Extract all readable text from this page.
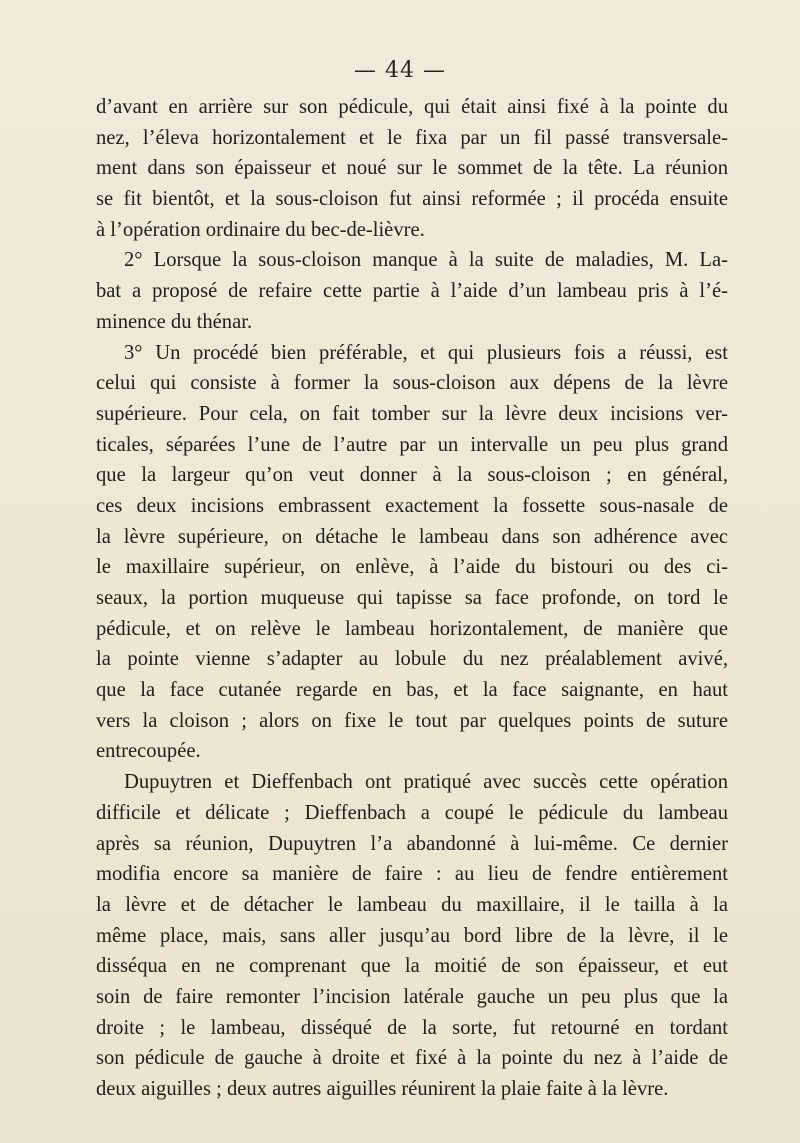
— 44 —
d’avant en arrière sur son pédicule, qui était ainsi fixé à la pointe du
nez, l’éleva horizontalement et le fixa par un fil passé transversale-
ment dans son épaisseur et noué sur le sommet de la tête. La réunion
se fit bientôt, et la sous-cloison fut ainsi reformée ; il procéda ensuite
à l’opération ordinaire du bec-de-lièvre.
2° Lorsque la sous-cloison manque à la suite de maladies, M. La-
bat a proposé de refaire cette partie à l’aide d’un lambeau pris à l’é-
minence du thénar.
3° Un procédé bien préférable, et qui plusieurs fois a réussi, est
celui qui consiste à former la sous-cloison aux dépens de la lèvre
supérieure. Pour cela, on fait tomber sur la lèvre deux incisions ver-
ticales, séparées l’une de l’autre par un intervalle un peu plus grand
que la largeur qu’on veut donner à la sous-cloison ; en général,
ces deux incisions embrassent exactement la fossette sous-nasale de
la lèvre supérieure, on détache le lambeau dans son adhérence avec
le maxillaire supérieur, on enlève, à l’aide du bistouri ou des ci-
seaux, la portion muqueuse qui tapisse sa face profonde, on tord le
pédicule, et on relève le lambeau horizontalement, de manière que
la pointe vienne s’adapter au lobule du nez préalablement avivé,
que la face cutanée regarde en bas, et la face saignante, en haut
vers la cloison ; alors on fixe le tout par quelques points de suture
entrecoupée.
Dupuytren et Dieffenbach ont pratiqué avec succès cette opération
difficile et délicate ; Dieffenbach a coupé le pédicule du lambeau
après sa réunion, Dupuytren l’a abandonné à lui-même. Ce dernier
modifia encore sa manière de faire : au lieu de fendre entièrement
la lèvre et de détacher le lambeau du maxillaire, il le tailla à la
même place, mais, sans aller jusqu’au bord libre de la lèvre, il le
disséqua en ne comprenant que la moitié de son épaisseur, et eut
soin de faire remonter l’incision latérale gauche un peu plus que la
droite ; le lambeau, disséqué de la sorte, fut retourné en tordant
son pédicule de gauche à droite et fixé à la pointe du nez à l’aide de
deux aiguilles ; deux autres aiguilles réunirent la plaie faite à la lèvre.
